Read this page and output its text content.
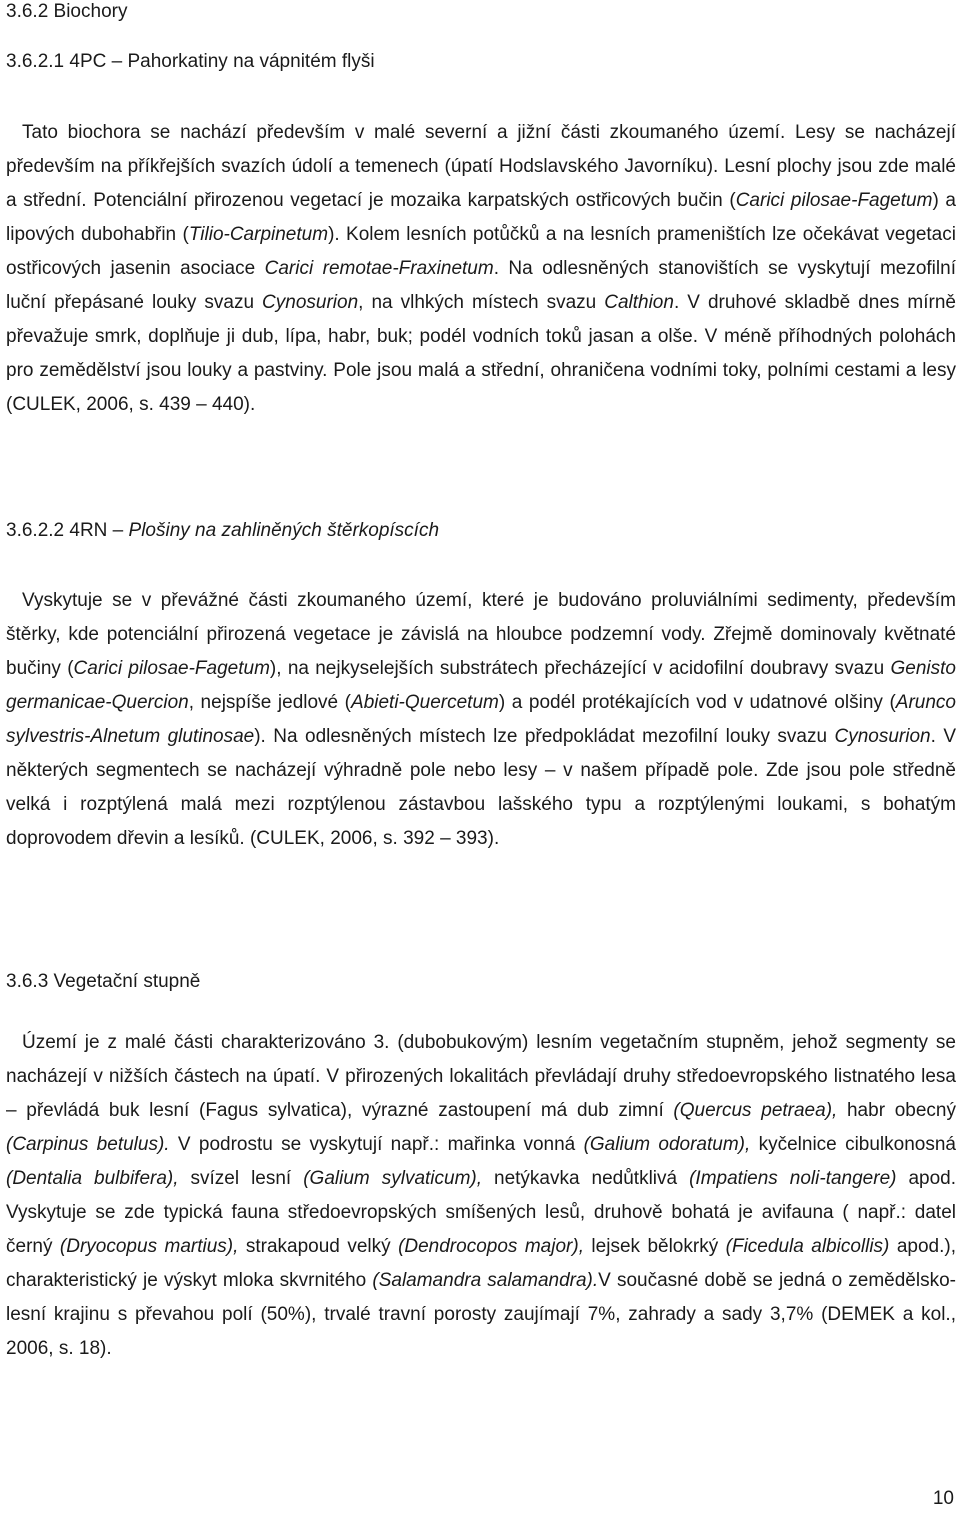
3.6.2 Biochory

3.6.2.1 4PC – Pahorkatiny na vápnitém flyši

Tato biochora se nachází především v malé severní a jižní části zkoumaného území. Lesy se nacházejí především na příkřejších svazích údolí a temenech (úpatí Hodslavského Javorníku). Lesní plochy jsou zde malé a střední. Potenciální přirozenou vegetací je mozaika karpatských ostřicových bučin (Carici pilosae-Fagetum) a lipových dubohabřin (Tilio-Carpinetum). Kolem lesních potůčků a na lesních prameništích lze očekávat vegetaci ostřicových jasenin asociace Carici remotae-Fraxinetum. Na odlesněných stanovištích se vyskytují mezofilní luční přepásané louky svazu Cynosurion, na vlhkých místech svazu Calthion. V druhové skladbě dnes mírně převažuje smrk, doplňuje ji dub, lípa, habr, buk; podél vodních toků jasan a olše. V méně příhodných polohách pro zemědělství jsou louky a pastviny. Pole jsou malá a střední, ohraničena vodními toky, polními cestami a lesy (CULEK, 2006, s. 439 – 440).

3.6.2.2 4RN – Plošiny na zahliněných štěrkopíscích

Vyskytuje se v převážné části zkoumaného území, které je budováno proluviálními sedimenty, především štěrky, kde potenciální přirozená vegetace je závislá na hloubce podzemní vody. Zřejmě dominovaly květnaté bučiny (Carici pilosae-Fagetum), na nejkyselejších substrátech přecházející v acidofilní doubravy svazu Genisto germanicae-Quercion, nejspíše jedlové (Abieti-Quercetum) a podél protékajících vod v udatnové olšiny (Arunco sylvestris-Alnetum glutinosae). Na odlesněných místech lze předpokládat mezofilní louky svazu Cynosurion. V některých segmentech se nacházejí výhradně pole nebo lesy – v našem případě pole. Zde jsou pole středně velká i rozptýlená malá mezi rozptýlenou zástavbou lašského typu a rozptýlenými loukami, s bohatým doprovodem dřevin a lesíků. (CULEK, 2006, s. 392 – 393).

3.6.3 Vegetační stupně

Území je z malé části charakterizováno 3. (dubobukovým) lesním vegetačním stupněm, jehož segmenty se nacházejí v nižších částech na úpatí. V přirozených lokalitách převládají druhy středoevropského listnatého lesa – převládá buk lesní (Fagus sylvatica), výrazné zastoupení má dub zimní (Quercus petraea), habr obecný (Carpinus betulus). V podrostu se vyskytují např.: mařinka vonná (Galium odoratum), kyčelnice cibulkonosná (Dentalia bulbifera), svízel lesní (Galium sylvaticum), netýkavka nedůtklivá (Impatiens noli-tangere) apod. Vyskytuje se zde typická fauna středoevropských smíšených lesů, druhově bohatá je avifauna ( např.: datel černý (Dryocopus martius), strakapoud velký (Dendrocopos major), lejsek bělokrký (Ficedula albicollis) apod.), charakteristický je výskyt mloka skvrnitého (Salamandra salamandra).V současné době se jedná o zemědělsko-lesní krajinu s převahou polí (50%), trvalé travní porosty zaujímají 7%, zahrady a sady 3,7% (DEMEK a kol., 2006, s. 18).

10
